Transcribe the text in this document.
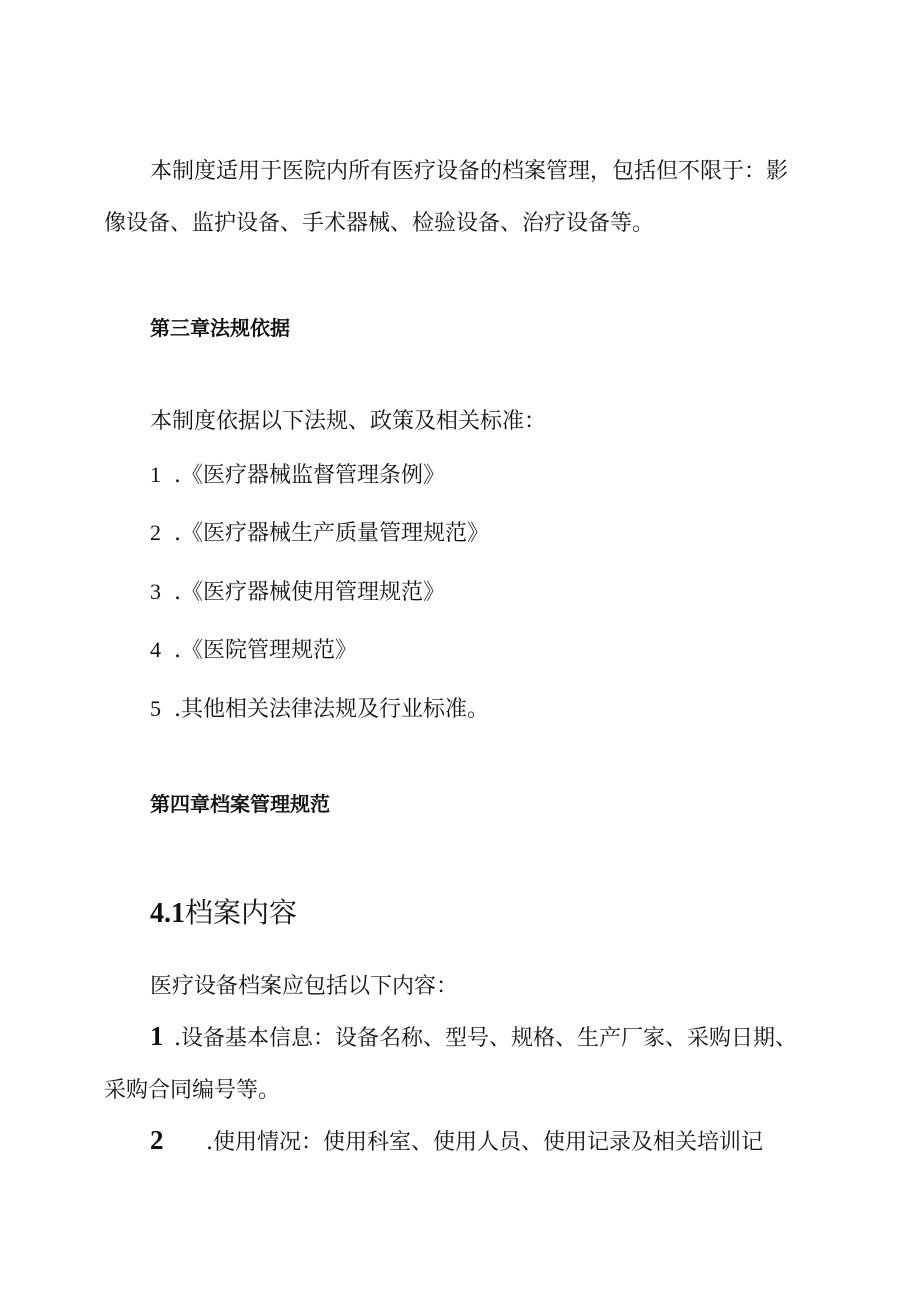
本制度适用于医院内所有医疗设备的档案管理，包括但不限于：影像设备、监护设备、手术器械、检验设备、治疗设备等。

第三章法规依据

本制度依据以下法规、政策及相关标准：

1 .《医疗器械监督管理条例》

2 .《医疗器械生产质量管理规范》

3 .《医疗器械使用管理规范》

4 .《医院管理规范》

5 .其他相关法律法规及行业标准。

第四章档案管理规范

4.1档案内容

医疗设备档案应包括以下内容：

1 .设备基本信息：设备名称、型号、规格、生产厂家、采购日期、采购合同编号等。

2 .使用情况：使用科室、使用人员、使用记录及相关培训记
